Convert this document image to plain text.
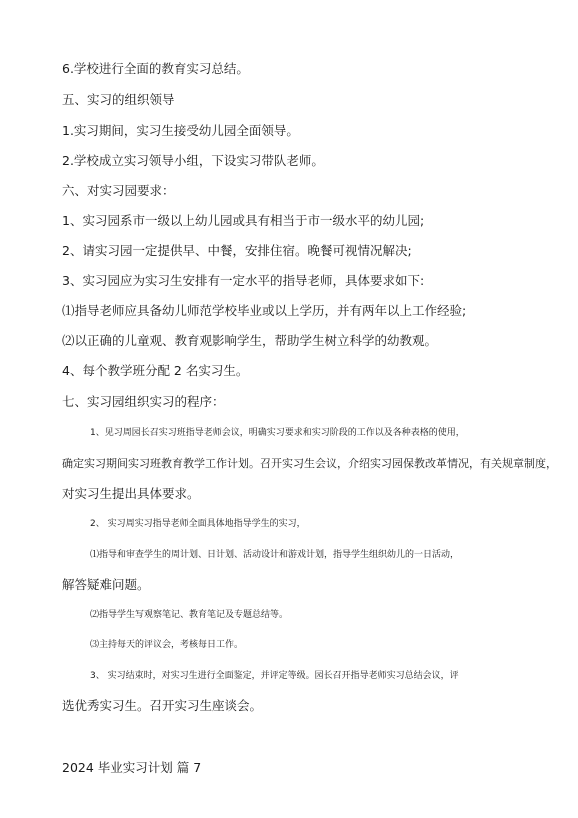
6.学校进行全面的教育实习总结。
五、实习的组织领导
1.实习期间，实习生接受幼儿园全面领导。
2.学校成立实习领导小组，下设实习带队老师。
六、对实习园要求：
1、实习园系市一级以上幼儿园或具有相当于市一级水平的幼儿园;
2、请实习园一定提供早、中餐，安排住宿。晚餐可视情况解决;
3、实习园应为实习生安排有一定水平的指导老师，具体要求如下:
⑴指导老师应具备幼儿师范学校毕业或以上学历，并有两年以上工作经验;
⑵以正确的儿童观、教育观影响学生，帮助学生树立科学的幼教观。
4、每个教学班分配 2 名实习生。
七、实习园组织实习的程序：
1、见习周园长召实习班指导老师会议，明确实习要求和实习阶段的工作以及各种表格的使用，
确定实习期间实习班教育教学工作计划。召开实习生会议，介绍实习园保教改革情况，有关规章制度，
对实习生提出具体要求。
2、 实习周实习指导老师全面具体地指导学生的实习，
⑴指导和审查学生的周计划、日计划、活动设计和游戏计划，指导学生组织幼儿的一日活动，
解答疑难问题。
⑵指导学生写观察笔记、教育笔记及专题总结等。
⑶主持每天的评议会，考核每日工作。
3、 实习结束时，对实习生进行全面鉴定，并评定等级。园长召开指导老师实习总结会议，评
选优秀实习生。召开实习生座谈会。
2024 毕业实习计划 篇 7
